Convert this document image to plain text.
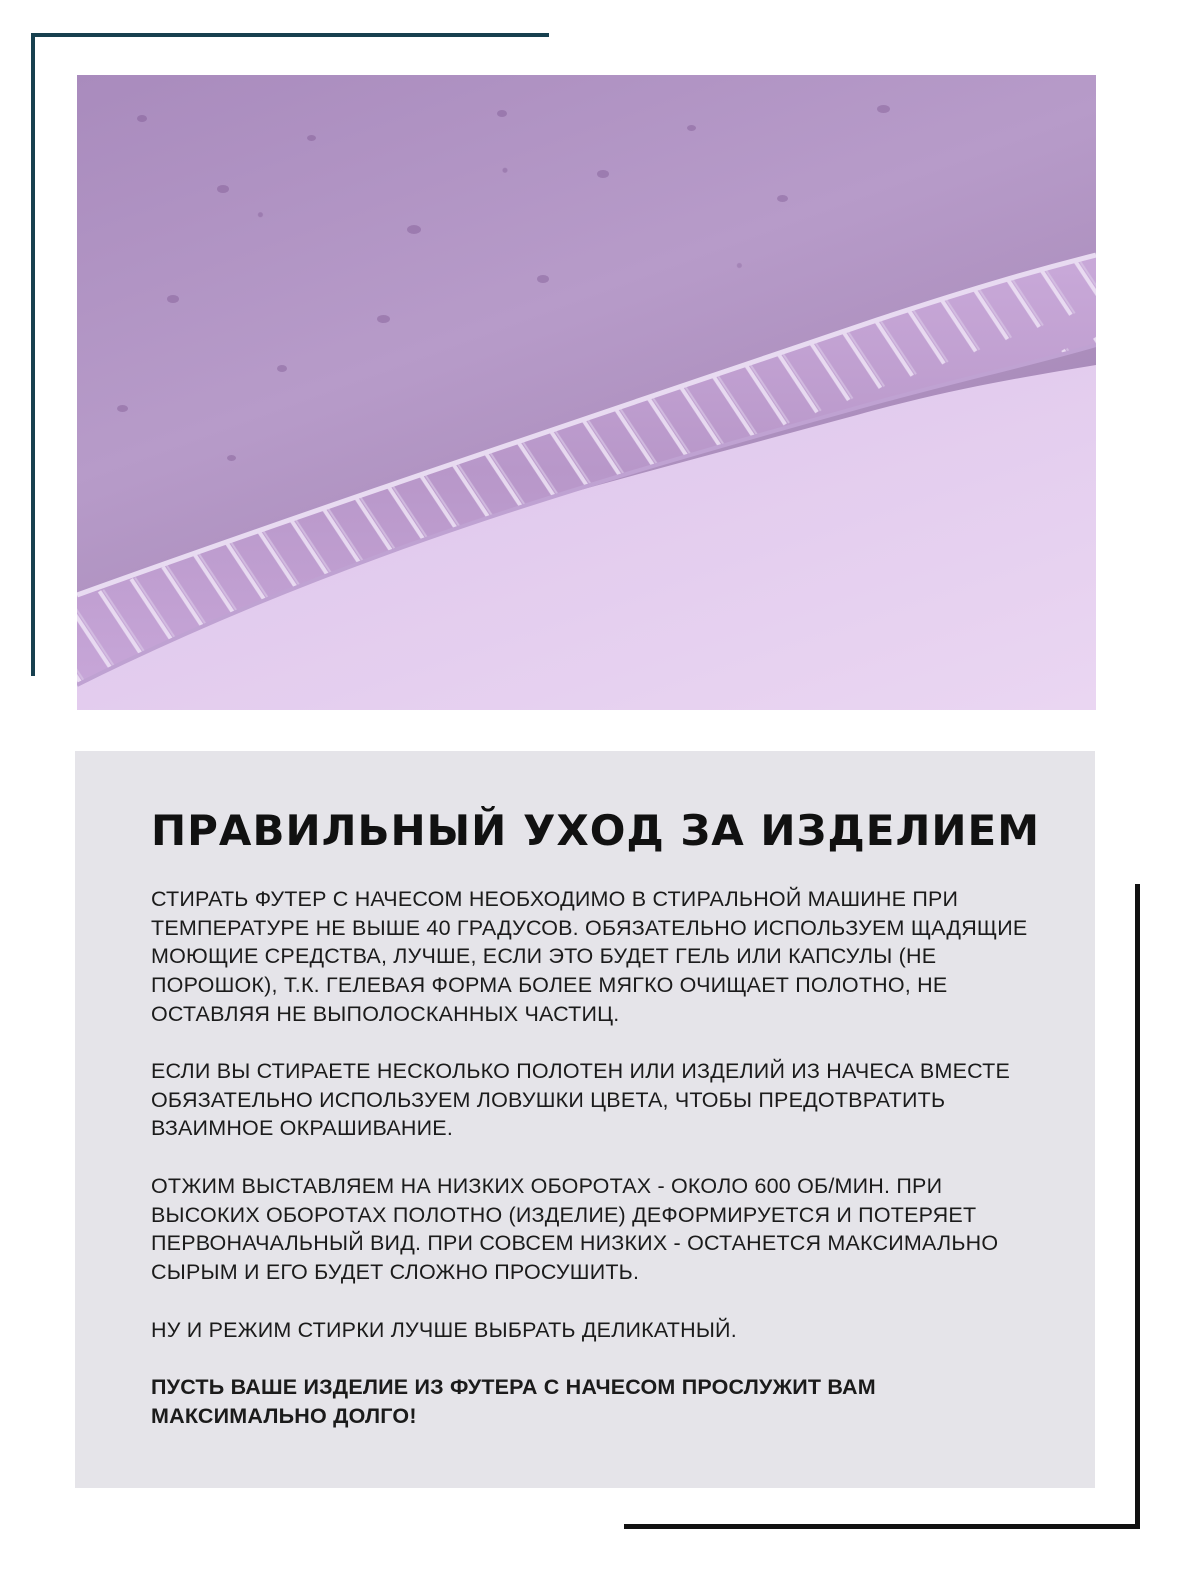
ПРАВИЛЬНЫЙ УХОД ЗА ИЗДЕЛИЕМ

СТИРАТЬ ФУТЕР С НАЧЕСОМ НЕОБХОДИМО В СТИРАЛЬНОЙ МАШИНЕ ПРИ ТЕМПЕРАТУРЕ НЕ ВЫШЕ 40 ГРАДУСОВ. ОБЯЗАТЕЛЬНО ИСПОЛЬЗУЕМ ЩАДЯЩИЕ МОЮЩИЕ СРЕДСТВА, ЛУЧШЕ, ЕСЛИ ЭТО БУДЕТ ГЕЛЬ ИЛИ КАПСУЛЫ (НЕ ПОРОШОК), Т.К. ГЕЛЕВАЯ ФОРМА БОЛЕЕ МЯГКО ОЧИЩАЕТ ПОЛОТНО, НЕ ОСТАВЛЯЯ НЕ ВЫПОЛОСКАННЫХ ЧАСТИЦ.

ЕСЛИ ВЫ СТИРАЕТЕ НЕСКОЛЬКО ПОЛОТЕН ИЛИ ИЗДЕЛИЙ ИЗ НАЧЕСА ВМЕСТЕ ОБЯЗАТЕЛЬНО ИСПОЛЬЗУЕМ ЛОВУШКИ ЦВЕТА, ЧТОБЫ ПРЕДОТВРАТИТЬ ВЗАИМНОЕ ОКРАШИВАНИЕ.

ОТЖИМ ВЫСТАВЛЯЕМ НА НИЗКИХ ОБОРОТАХ - ОКОЛО 600 ОБ/МИН. ПРИ ВЫСОКИХ ОБОРОТАХ ПОЛОТНО (ИЗДЕЛИЕ) ДЕФОРМИРУЕТСЯ И ПОТЕРЯЕТ ПЕРВОНАЧАЛЬНЫЙ ВИД. ПРИ СОВСЕМ НИЗКИХ - ОСТАНЕТСЯ МАКСИМАЛЬНО СЫРЫМ И ЕГО БУДЕТ СЛОЖНО ПРОСУШИТЬ.

НУ И РЕЖИМ СТИРКИ ЛУЧШЕ ВЫБРАТЬ ДЕЛИКАТНЫЙ.

ПУСТЬ ВАШЕ ИЗДЕЛИЕ ИЗ ФУТЕРА С НАЧЕСОМ ПРОСЛУЖИТ ВАМ МАКСИМАЛЬНО ДОЛГО!
